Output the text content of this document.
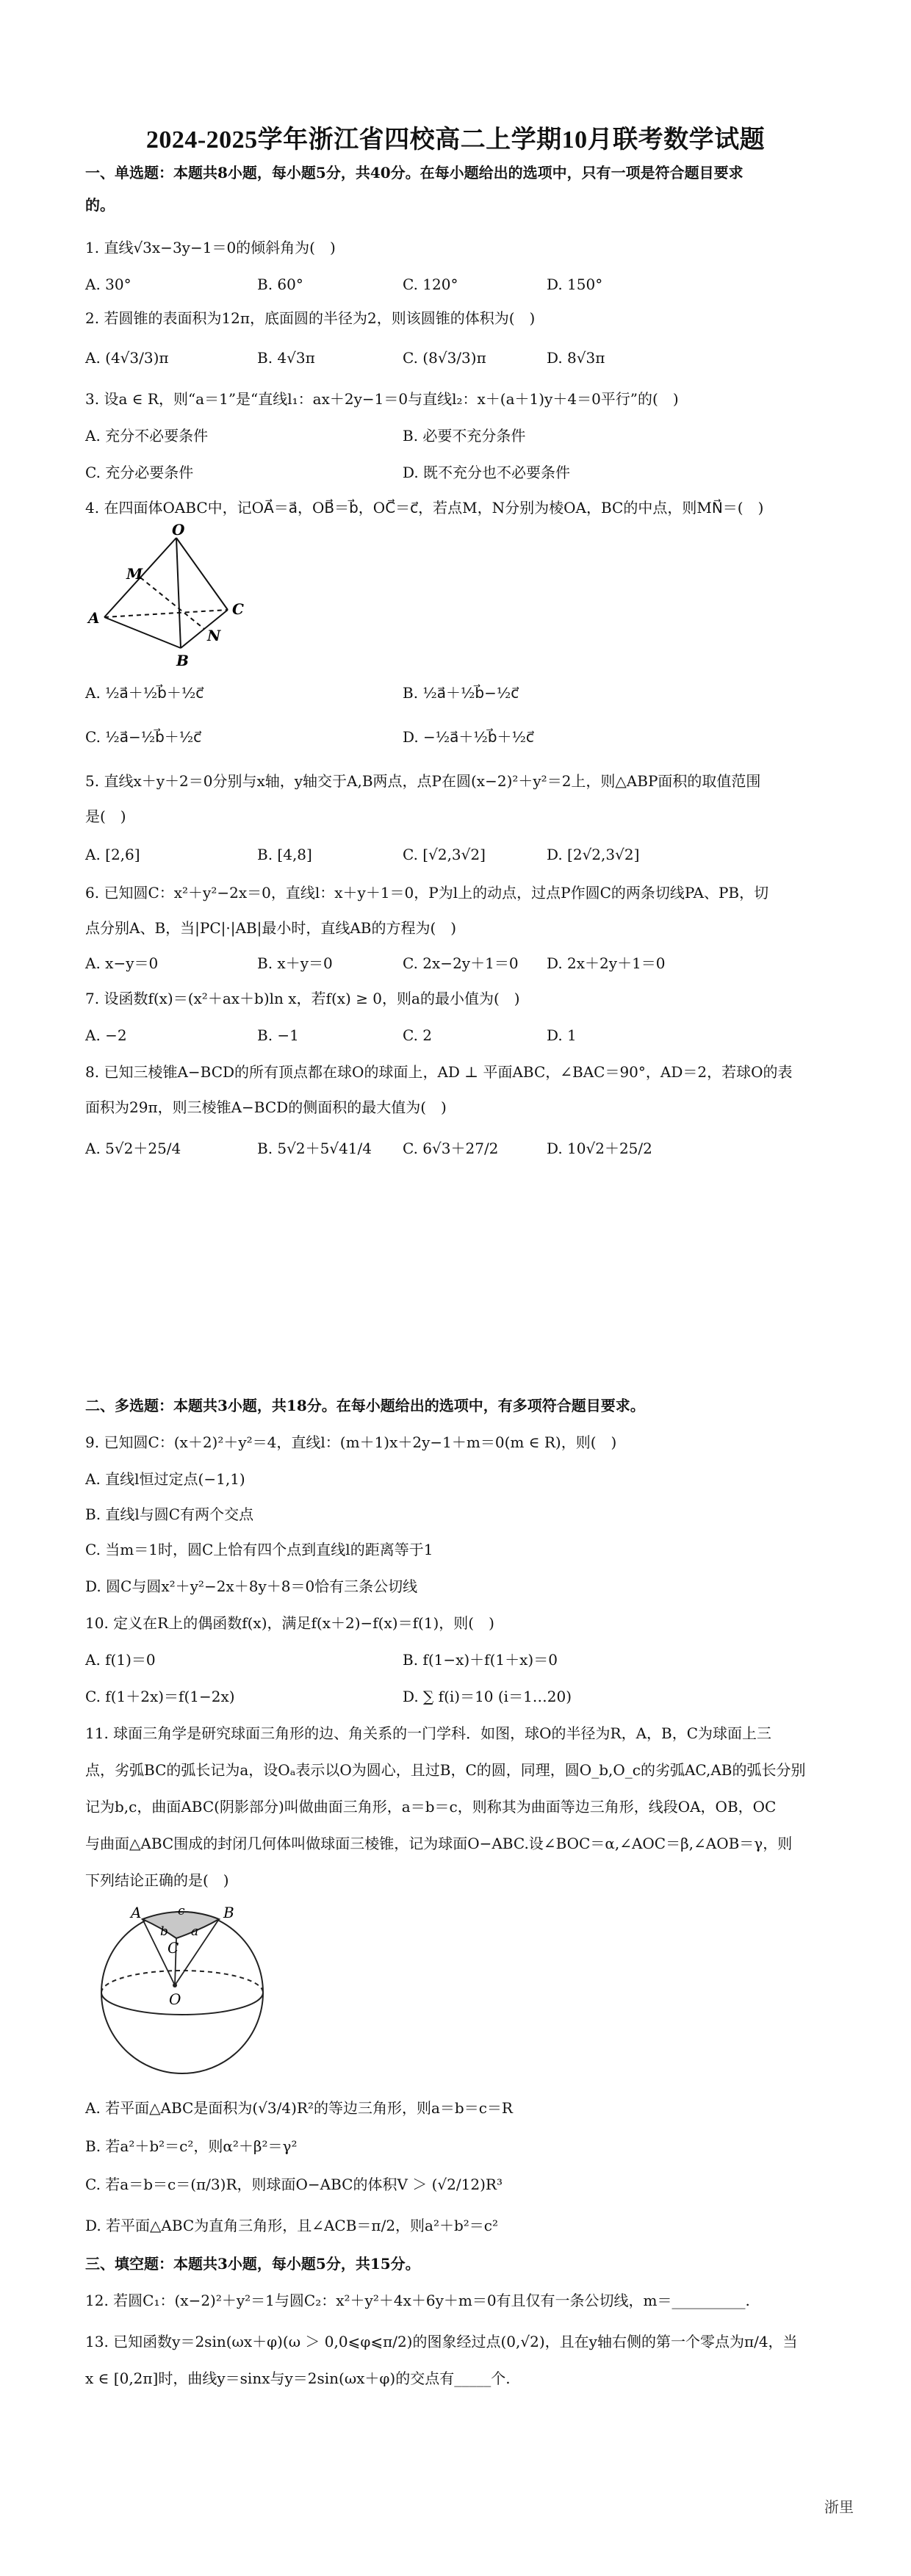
2024-2025学年浙江省四校高二上学期10月联考数学试题
一、单选题：本题共8小题，每小题5分，共40分。在每小题给出的选项中，只有一项是符合题目要求
的。
1. 直线√3x−3y−1＝0的倾斜角为(　)
A. 30°	B. 60°	C. 120°	D. 150°
2. 若圆锥的表面积为12π，底面圆的半径为2，则该圆锥的体积为(　)
A. (4√3/3)π	B. 4√3π	C. (8√3/3)π	D. 8√3π
3. 设a ∈ R，则“a＝1”是“直线l₁：ax＋2y−1＝0与直线l₂：x＋(a＋1)y＋4＝0平行”的(　)
A. 充分不必要条件	B. 必要不充分条件
C. 充分必要条件	D. 既不充分也不必要条件
4. 在四面体OABC中，记OA⃗＝a⃗，OB⃗＝b⃗，OC⃗＝c⃗，若点M，N分别为棱OA，BC的中点，则MN⃗＝(　)
O
M
A
B
C
N
A. ½a⃗＋½b⃗＋½c⃗	B. ½a⃗＋½b⃗−½c⃗
C. ½a⃗−½b⃗＋½c⃗	D. −½a⃗＋½b⃗＋½c⃗
5. 直线x＋y＋2＝0分别与x轴，y轴交于A,B两点，点P在圆(x−2)²＋y²＝2上，则△ABP面积的取值范围
是(　)
A. [2,6]	B. [4,8]	C. [√2,3√2]	D. [2√2,3√2]
6. 已知圆C：x²＋y²−2x＝0，直线l：x＋y＋1＝0，P为l上的动点，过点P作圆C的两条切线PA、PB，切
点分别A、B，当|PC|·|AB|最小时，直线AB的方程为(　)
A. x−y＝0	B. x＋y＝0	C. 2x−2y＋1＝0 D. 2x＋2y＋1＝0
7. 设函数f(x)＝(x²＋ax＋b)ln x，若f(x) ≥ 0，则a的最小值为(　)
A. −2	B. −1	C. 2	D. 1
8. 已知三棱锥A−BCD的所有顶点都在球O的球面上，AD ⊥ 平面ABC，∠BAC＝90°，AD＝2，若球O的表
面积为29π，则三棱锥A−BCD的侧面积的最大值为(　)
A. 5√2＋25/4	B. 5√2＋5√41/4 C. 6√3＋27/2	D. 10√2＋25/2
二、多选题：本题共3小题，共18分。在每小题给出的选项中，有多项符合题目要求。
9. 已知圆C：(x＋2)²＋y²＝4，直线l：(m＋1)x＋2y−1＋m＝0(m ∈ R)，则(　)
A. 直线l恒过定点(−1,1)
B. 直线l与圆C有两个交点
C. 当m＝1时，圆C上恰有四个点到直线l的距离等于1
D. 圆C与圆x²＋y²−2x＋8y＋8＝0恰有三条公切线
10. 定义在R上的偶函数f(x)，满足f(x＋2)−f(x)＝f(1)，则(　)
A. f(1)＝0	B. f(1−x)＋f(1＋x)＝0
C. f(1＋2x)＝f(1−2x)	D. ∑ f(i)＝10 (i＝1…20)
11. 球面三角学是研究球面三角形的边、角关系的一门学科．如图，球O的半径为R，A，B，C为球面上三
点，劣弧BC的弧长记为a，设Oₐ表示以O为圆心，且过B，C的圆，同理，圆O_b,O_c的劣弧AC,AB的弧长分别
记为b,c，曲面ABC(阴影部分)叫做曲面三角形，a＝b＝c，则称其为曲面等边三角形，线段OA，OB，OC
与曲面△ABC围成的封闭几何体叫做球面三棱锥，记为球面O−ABC.设∠BOC＝α,∠AOC＝β,∠AOB＝γ，则
下列结论正确的是(　)
A	B
C
O
c
b a
A. 若平面△ABC是面积为(√3/4)R²的等边三角形，则a＝b＝c＝R
B. 若a²＋b²＝c²，则α²＋β²＝γ²
C. 若a＝b＝c＝(π/3)R，则球面O−ABC的体积V ＞ (√2/12)R³
D. 若平面△ABC为直角三角形，且∠ACB＝π/2，则a²＋b²＝c²
三、填空题：本题共3小题，每小题5分，共15分。
12. 若圆C₁：(x−2)²＋y²＝1与圆C₂：x²＋y²＋4x＋6y＋m＝0有且仅有一条公切线，m＝__________.
13. 已知函数y＝2sin(ωx＋φ)(ω ＞ 0,0⩽φ⩽π/2)的图象经过点(0,√2)，且在y轴右侧的第一个零点为π/4，当
x ∈ [0,2π]时，曲线y＝sinx与y＝2sin(ωx＋φ)的交点有_____个.
浙里
